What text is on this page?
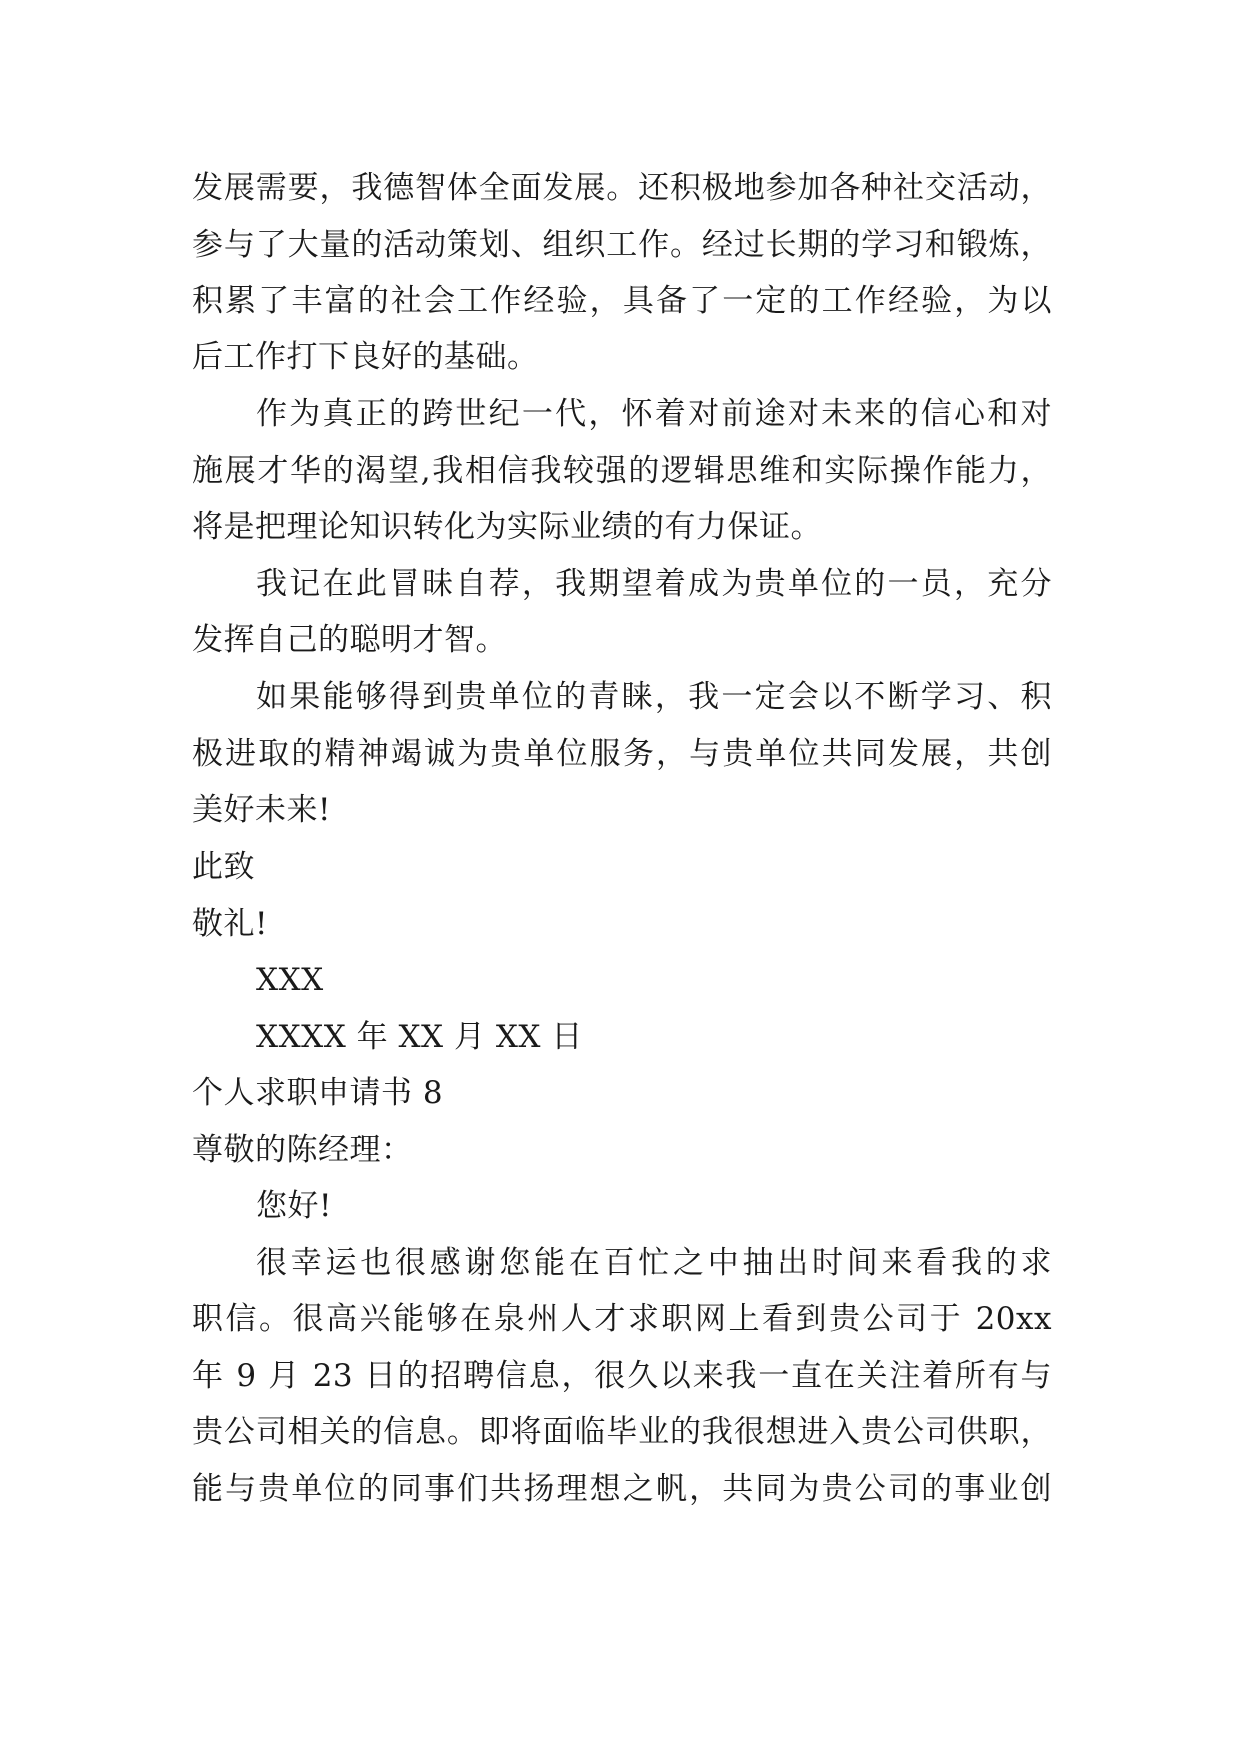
发展需要，我德智体全面发展。还积极地参加各种社交活动，
参与了大量的活动策划、组织工作。经过长期的学习和锻炼，
积累了丰富的社会工作经验，具备了一定的工作经验，为以
后工作打下良好的基础。
作为真正的跨世纪一代，怀着对前途对未来的信心和对
施展才华的渴望,我相信我较强的逻辑思维和实际操作能力，
将是把理论知识转化为实际业绩的有力保证。
我记在此冒昧自荐，我期望着成为贵单位的一员，充分
发挥自己的聪明才智。
如果能够得到贵单位的青睐，我一定会以不断学习、积
极进取的精神竭诚为贵单位服务，与贵单位共同发展，共创
美好未来!
此致
敬礼!
XXX
XXXX 年 XX 月 XX 日
个人求职申请书 8
尊敬的陈经理：
您好!
很幸运也很感谢您能在百忙之中抽出时间来看我的求
职信。很高兴能够在泉州人才求职网上看到贵公司于 20xx
年 9 月 23 日的招聘信息，很久以来我一直在关注着所有与
贵公司相关的信息。即将面临毕业的我很想进入贵公司供职，
能与贵单位的同事们共扬理想之帆，共同为贵公司的事业创
